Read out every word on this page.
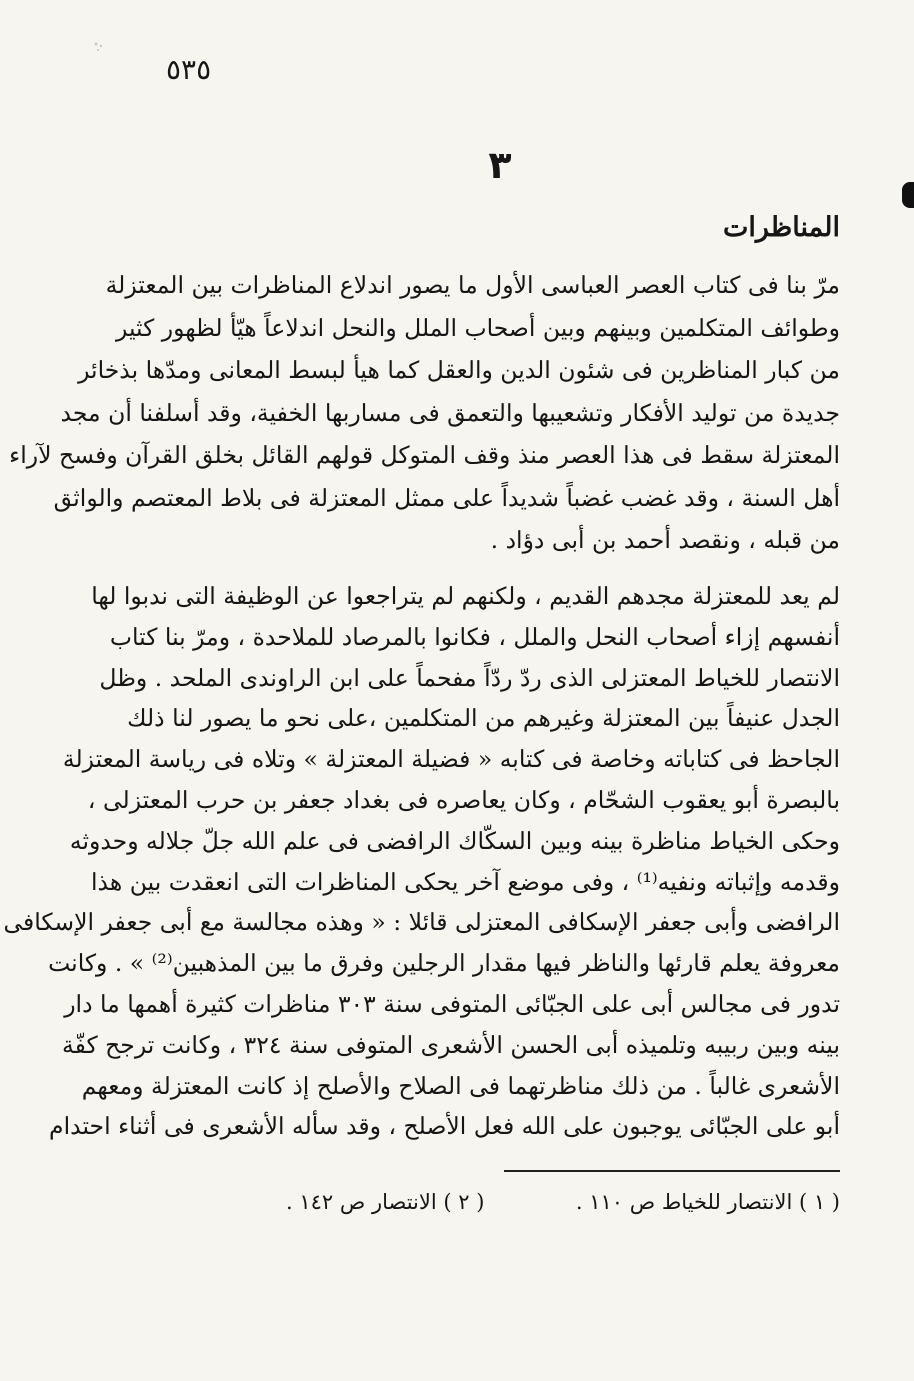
٥٣٥
٣
المناظرات
مرّ بنا فى كتاب العصر العباسى الأول ما يصور اندلاع المناظرات بين المعتزلة
وطوائف المتكلمين وبينهم وبين أصحاب الملل والنحل اندلاعاً هيّأ لظهور كثير
من كبار المناظرين فى شئون الدين والعقل كما هيأ لبسط المعانى ومدّها بذخائر
جديدة من توليد الأفكار وتشعيبها والتعمق فى مساربها الخفية، وقد أسلفنا أن مجد
المعتزلة سقط فى هذا العصر منذ وقف المتوكل قولهم القائل بخلق القرآن وفسح لآراء
أهل السنة ، وقد غضب غضباً شديداً على ممثل المعتزلة فى بلاط المعتصم والواثق
من قبله ، ونقصد أحمد بن أبى دؤاد .
لم يعد للمعتزلة مجدهم القديم ، ولكنهم لم يتراجعوا عن الوظيفة التى ندبوا لها
أنفسهم إزاء أصحاب النحل والملل ، فكانوا بالمرصاد للملاحدة ، ومرّ بنا كتاب
الانتصار للخياط المعتزلى الذى ردّ ردّاً مفحماً على ابن الراوندى الملحد . وظل
الجدل عنيفاً بين المعتزلة وغيرهم من المتكلمين ،على نحو ما يصور لنا ذلك
الجاحظ فى كتاباته وخاصة فى كتابه « فضيلة المعتزلة » وتلاه فى رياسة المعتزلة
بالبصرة أبو يعقوب الشحّام ، وكان يعاصره فى بغداد جعفر بن حرب المعتزلى ،
وحكى الخياط مناظرة بينه وبين السكّاك الرافضى فى علم الله جلّ جلاله وحدوثه
وقدمه وإثباته ونفيه⁽¹⁾ ، وفى موضع آخر يحكى المناظرات التى انعقدت بين هذا
الرافضى وأبى جعفر الإسكافى المعتزلى قائلا : « وهذه مجالسة مع أبى جعفر الإسكافى
معروفة يعلم قارئها والناظر فيها مقدار الرجلين وفرق ما بين المذهبين⁽²⁾ » . وكانت
تدور فى مجالس أبى على الجبّائى المتوفى سنة ٣٠٣ مناظرات كثيرة أهمها ما دار
بينه وبين ربيبه وتلميذه أبى الحسن الأشعرى المتوفى سنة ٣٢٤ ، وكانت ترجح كفّة
الأشعرى غالباً . من ذلك مناظرتهما فى الصلاح والأصلح إذ كانت المعتزلة ومعهم
أبو على الجبّائى يوجبون على الله فعل الأصلح ، وقد سأله الأشعرى فى أثناء احتدام
( ١ ) الانتصار للخياط ص ١١٠ .
( ٢ ) الانتصار ص ١٤٢ .
